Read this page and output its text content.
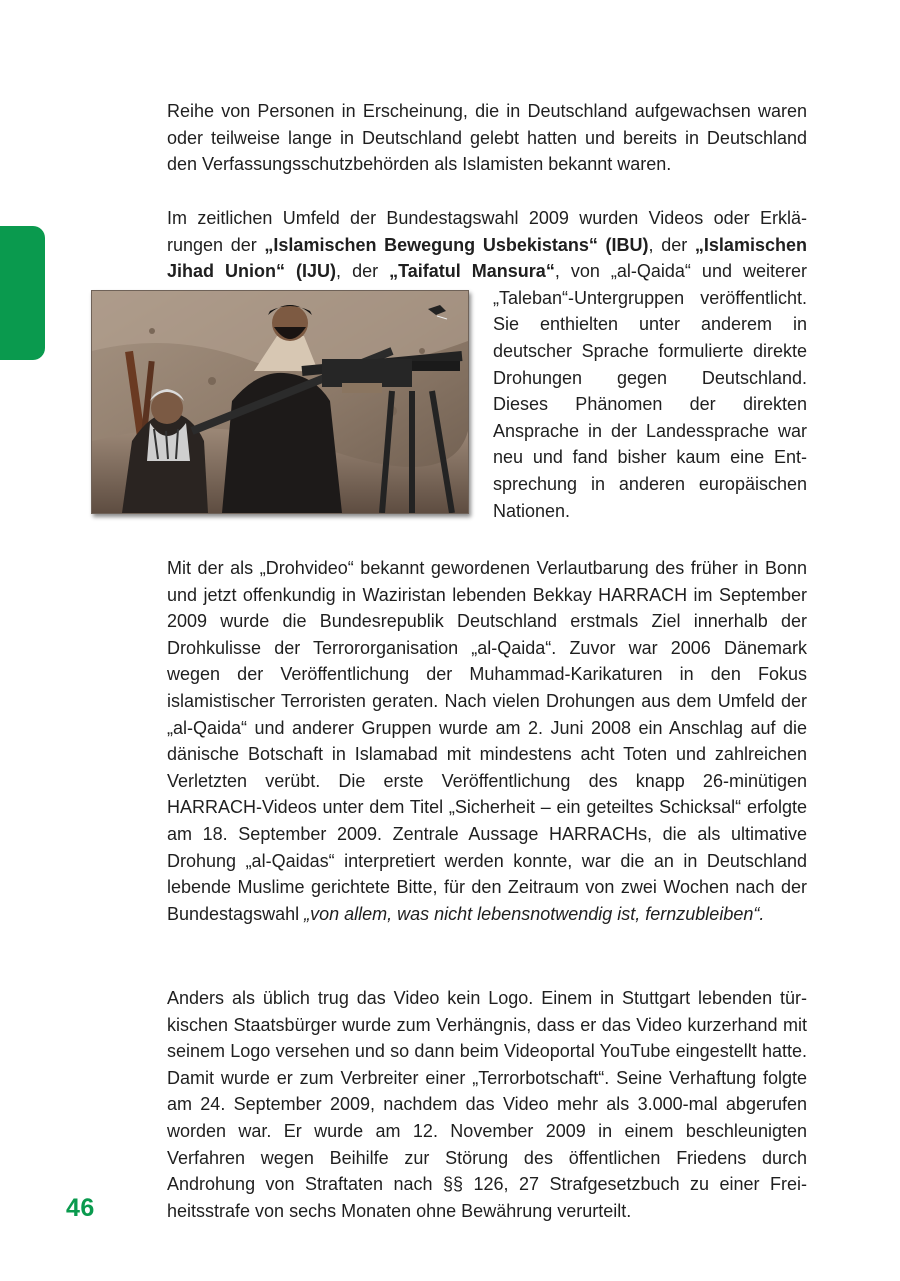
Reihe von Personen in Erscheinung, die in Deutschland aufgewachsen waren oder teilweise lange in Deutschland gelebt hatten und bereits in Deutschland den Verfassungsschutzbehörden als Islamisten bekannt waren.

Im zeitlichen Umfeld der Bundestagswahl 2009 wurden Videos oder Erklärungen der „Islamischen Bewegung Usbekistans“ (IBU), der „Islamischen Jihad Union“ (IJU), der „Taifatul Mansura“
, von „al-Qaida“ und weiterer „Taleban“-Untergruppen veröffentlicht. Sie enthielten unter anderem in deutscher Sprache formulierte direkte Drohungen gegen Deutschland. Dieses Phänomen der direkten Ansprache in der Landessprache war neu und fand bisher kaum eine Entsprechung in anderen europäischen Nationen.

Mit der als „Drohvideo“ bekannt gewordenen Verlautbarung des früher in Bonn und jetzt offenkundig in Waziristan lebenden Bekkay HARRACH im September 2009 wurde die Bundesrepublik Deutschland erstmals Ziel innerhalb der Drohkulisse der Terrororganisation „al-Qaida“. Zuvor war 2006 Dänemark wegen der Veröffentlichung der Muhammad-Karikaturen in den Fokus islamistischer Terroristen geraten. Nach vielen Drohungen aus dem Umfeld der „al-Qaida“ und anderer Gruppen wurde am 2. Juni 2008 ein Anschlag auf die dänische Botschaft in Islamabad mit mindestens acht Toten und zahlreichen Verletzten verübt. Die erste Veröffentlichung des knapp 26-minütigen HARRACH-Videos unter dem Titel „Sicherheit – ein geteiltes Schicksal“ erfolgte am 18. September 2009. Zentrale Aussage HARRACHs, die als ultimative Drohung „al-Qaidas“ interpretiert werden konnte, war die an in Deutschland lebende Muslime gerichtete Bitte, für den Zeitraum von zwei Wochen nach der Bundestagswahl „von allem, was nicht lebensnotwendig ist, fernzubleiben“.

Anders als üblich trug das Video kein Logo. Einem in Stuttgart lebenden türkischen Staatsbürger wurde zum Verhängnis, dass er das Video kurzerhand mit seinem Logo versehen und so dann beim Videoportal YouTube eingestellt hatte. Damit wurde er zum Verbreiter einer „Terrorbotschaft“. Seine Verhaftung folgte am 24. September 2009, nachdem das Video mehr als 3.000-mal abgerufen worden war. Er wurde am 12. November 2009 in einem beschleunigten Verfahren wegen Beihilfe zur Störung des öffentlichen Friedens durch Androhung von Straftaten nach §§ 126, 27 Strafgesetzbuch zu einer Freiheitsstrafe von sechs Monaten ohne Bewährung verurteilt.

46
